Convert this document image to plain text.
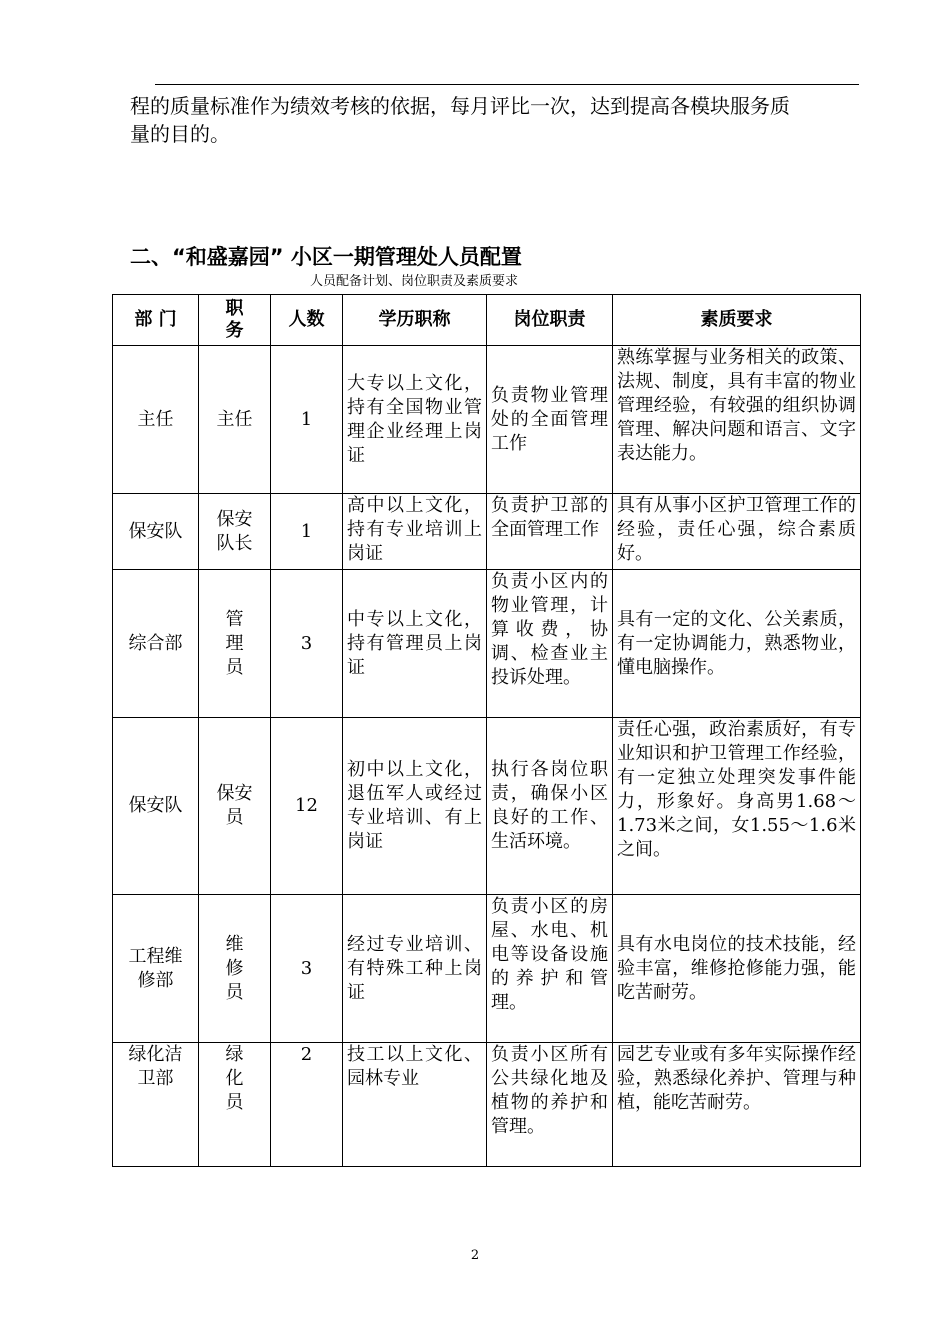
程的质量标准作为绩效考核的依据，每月评比一次，达到提高各模块服务质

量的目的。

二、“和盛嘉园” 小区一期管理处人员配置
人员配备计划、岗位职责及素质要求
部 门	职务	人数	学历职称	岗位职责	素质要求
主任	主任	1	大专以上文化，持有全国物业管理企业经理上岗证	负责物业管理处的全面管理工作	熟练掌握与业务相关的政策、法规、制度，具有丰富的物业管理经验，有较强的组织协调管理、解决问题和语言、文字表达能力。
保安队	保安队长	1	高中以上文化，持有专业培训上岗证	负责护卫部的全面管理工作	具有从事小区护卫管理工作的经验，责任心强，综合素质好。
综合部	管理员	3	中专以上文化，持有管理员上岗证	负责小区内的物业管理，计算收费，协调、检查业主投诉处理。	具有一定的文化、公关素质，有一定协调能力，熟悉物业，懂电脑操作。
保安队	保安员	12	初中以上文化，退伍军人或经过专业培训、有上岗证	执行各岗位职责，确保小区良好的工作、生活环境。	责任心强，政治素质好，有专业知识和护卫管理工作经验，有一定独立处理突发事件能力，形象好。身高男1.68～1.73米之间，女1.55～1.6米之间。
工程维修部	维修员	3	经过专业培训、有特殊工种上岗证	负责小区的房屋、水电、机电等设备设施的养护和管理。	具有水电岗位的技术技能，经验丰富，维修抢修能力强，能吃苦耐劳。
绿化洁卫部	绿化员	2	技工以上文化、园林专业	负责小区所有公共绿化地及植物的养护和管理。	园艺专业或有多年实际操作经验，熟悉绿化养护、管理与种植，能吃苦耐劳。
2
